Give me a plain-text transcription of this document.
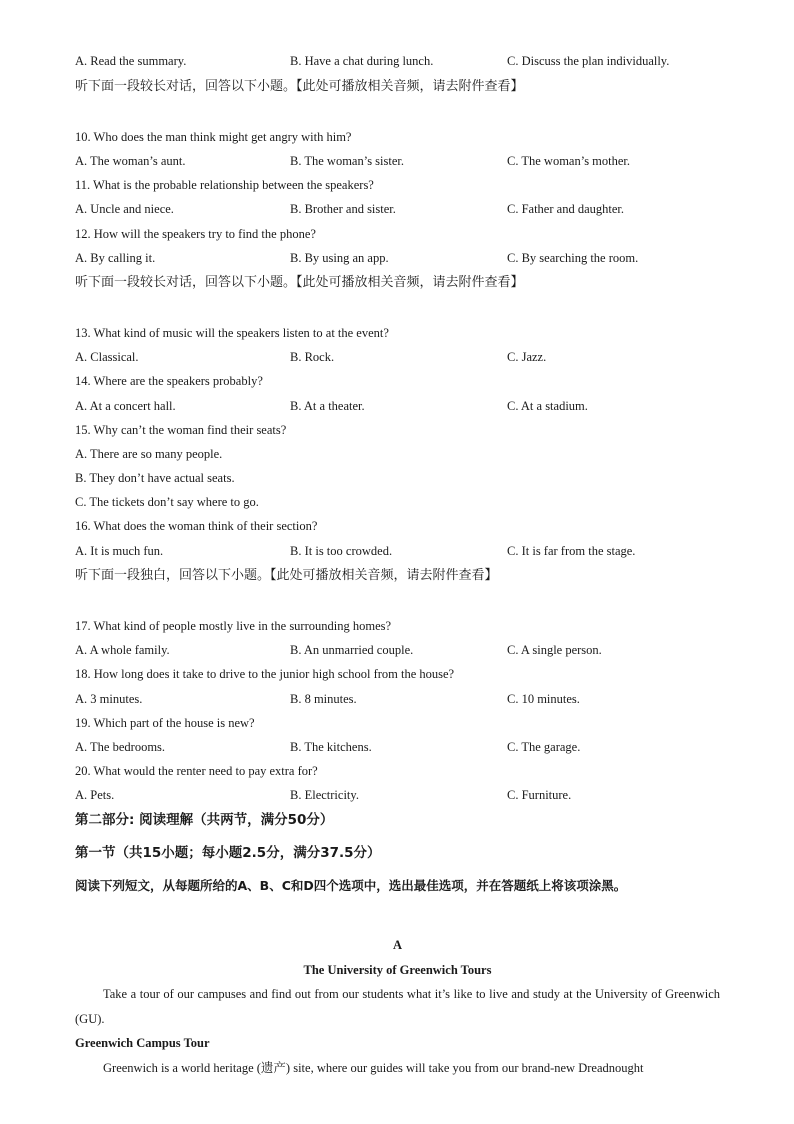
A. Read the summary.	B. Have a chat during lunch.	C. Discuss the plan individually.
听下面一段较长对话，回答以下小题。【此处可播放相关音频，请去附件查看】
10. Who does the man think might get angry with him?
A. The woman’s aunt.	B. The woman’s sister.	C. The woman’s mother.
11. What is the probable relationship between the speakers?
A. Uncle and niece.	B. Brother and sister.	C. Father and daughter.
12. How will the speakers try to find the phone?
A. By calling it.	B. By using an app.	C. By searching the room.
听下面一段较长对话，回答以下小题。【此处可播放相关音频，请去附件查看】
13. What kind of music will the speakers listen to at the event?
A. Classical.	B. Rock.	C. Jazz.
14. Where are the speakers probably?
A. At a concert hall.	B. At a theater.	C. At a stadium.
15. Why can’t the woman find their seats?
A. There are so many people.
B. They don’t have actual seats.
C. The tickets don’t say where to go.
16. What does the woman think of their section?
A. It is much fun.	B. It is too crowded.	C. It is far from the stage.
听下面一段独白，回答以下小题。【此处可播放相关音频，请去附件查看】
17. What kind of people mostly live in the surrounding homes?
A. A whole family.	B. An unmarried couple.	C. A single person.
18. How long does it take to drive to the junior high school from the house?
A. 3 minutes.	B. 8 minutes.	C. 10 minutes.
19. Which part of the house is new?
A. The bedrooms.	B. The kitchens.	C. The garage.
20. What would the renter need to pay extra for?
A. Pets.	B. Electricity.	C. Furniture.
第二部分: 阅读理解（共两节，满分50分）
第一节（共15小题；每小题2.5分，满分37.5分）
阅读下列短文，从每题所给的A、B、C和D四个选项中，选出最佳选项，并在答题纸上将该项涂黑。
A
The University of Greenwich Tours
Take a tour of our campuses and find out from our students what it’s like to live and study at the University of Greenwich (GU).
Greenwich Campus Tour
Greenwich is a world heritage (遗产) site, where our guides will take you from our brand-new Dreadnought
